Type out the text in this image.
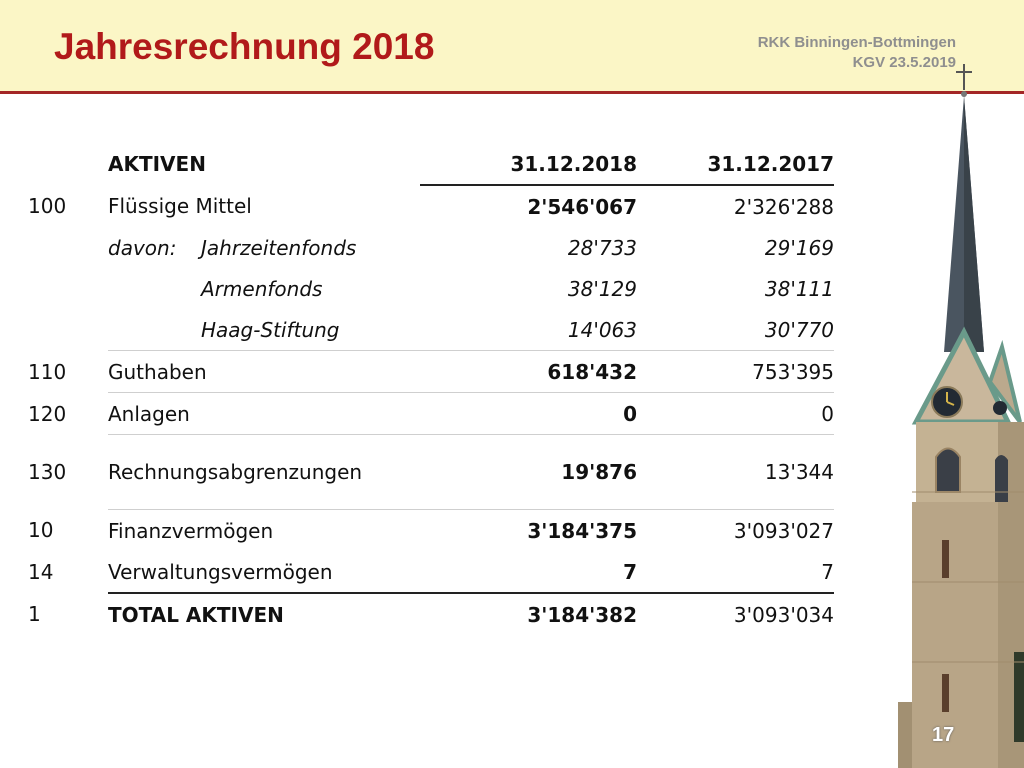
Jahresrechnung 2018	RKK Binningen-Bottmingen
KGV 23.5.2019
	AKTIVEN	31.12.2018	31.12.2017
100	Flüssige Mittel	2'546'067	2'326'288
	davon: Jahrzeitenfonds	28'733	29'169
	Armenfonds	38'129	38'111
	Haag-Stiftung	14'063	30'770
110	Guthaben	618'432	753'395
120	Anlagen	0	0
130	Rechnungsabgrenzungen	19'876	13'344
10	Finanzvermögen	3'184'375	3'093'027
14	Verwaltungsvermögen	7	7
1	TOTAL AKTIVEN	3'184'382	3'093'034
17
